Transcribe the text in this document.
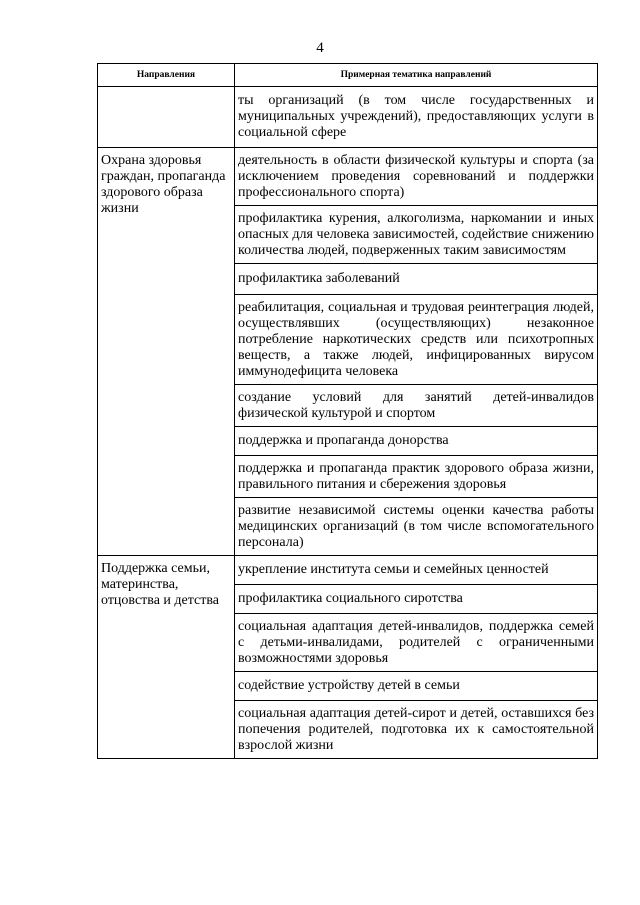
4
Направления	Примерная тематика направлений
	ты организаций (в том числе государственных и муниципальных учреждений), предоставляющих услуги в социальной сфере
Охрана здоровья граждан, пропаганда здорового образа жизни	деятельность в области физической культуры и спорта (за исключением проведения соревнований и поддержки профессионального спорта)
	профилактика курения, алкоголизма, наркомании и иных опасных для человека зависимостей, содействие снижению количества людей, подверженных таким зависимостям
	профилактика заболеваний
	реабилитация, социальная и трудовая реинтеграция людей, осуществлявших (осуществляющих) незаконное потребление наркотических средств или психотропных веществ, а также людей, инфицированных вирусом иммунодефицита человека
	создание условий для занятий детей-инвалидов физической культурой и спортом
	поддержка и пропаганда донорства
	поддержка и пропаганда практик здорового образа жизни, правильного питания и сбережения здоровья
	развитие независимой системы оценки качества работы медицинских организаций (в том числе вспомогательного персонала)
Поддержка семьи, материнства, отцовства и детства	укрепление института семьи и семейных ценностей
	профилактика социального сиротства
	социальная адаптация детей-инвалидов, поддержка семей с детьми-инвалидами, родителей с ограниченными возможностями здоровья
	содействие устройству детей в семьи
	социальная адаптация детей-сирот и детей, оставшихся без попечения родителей, подготовка их к самостоятельной взрослой жизни
